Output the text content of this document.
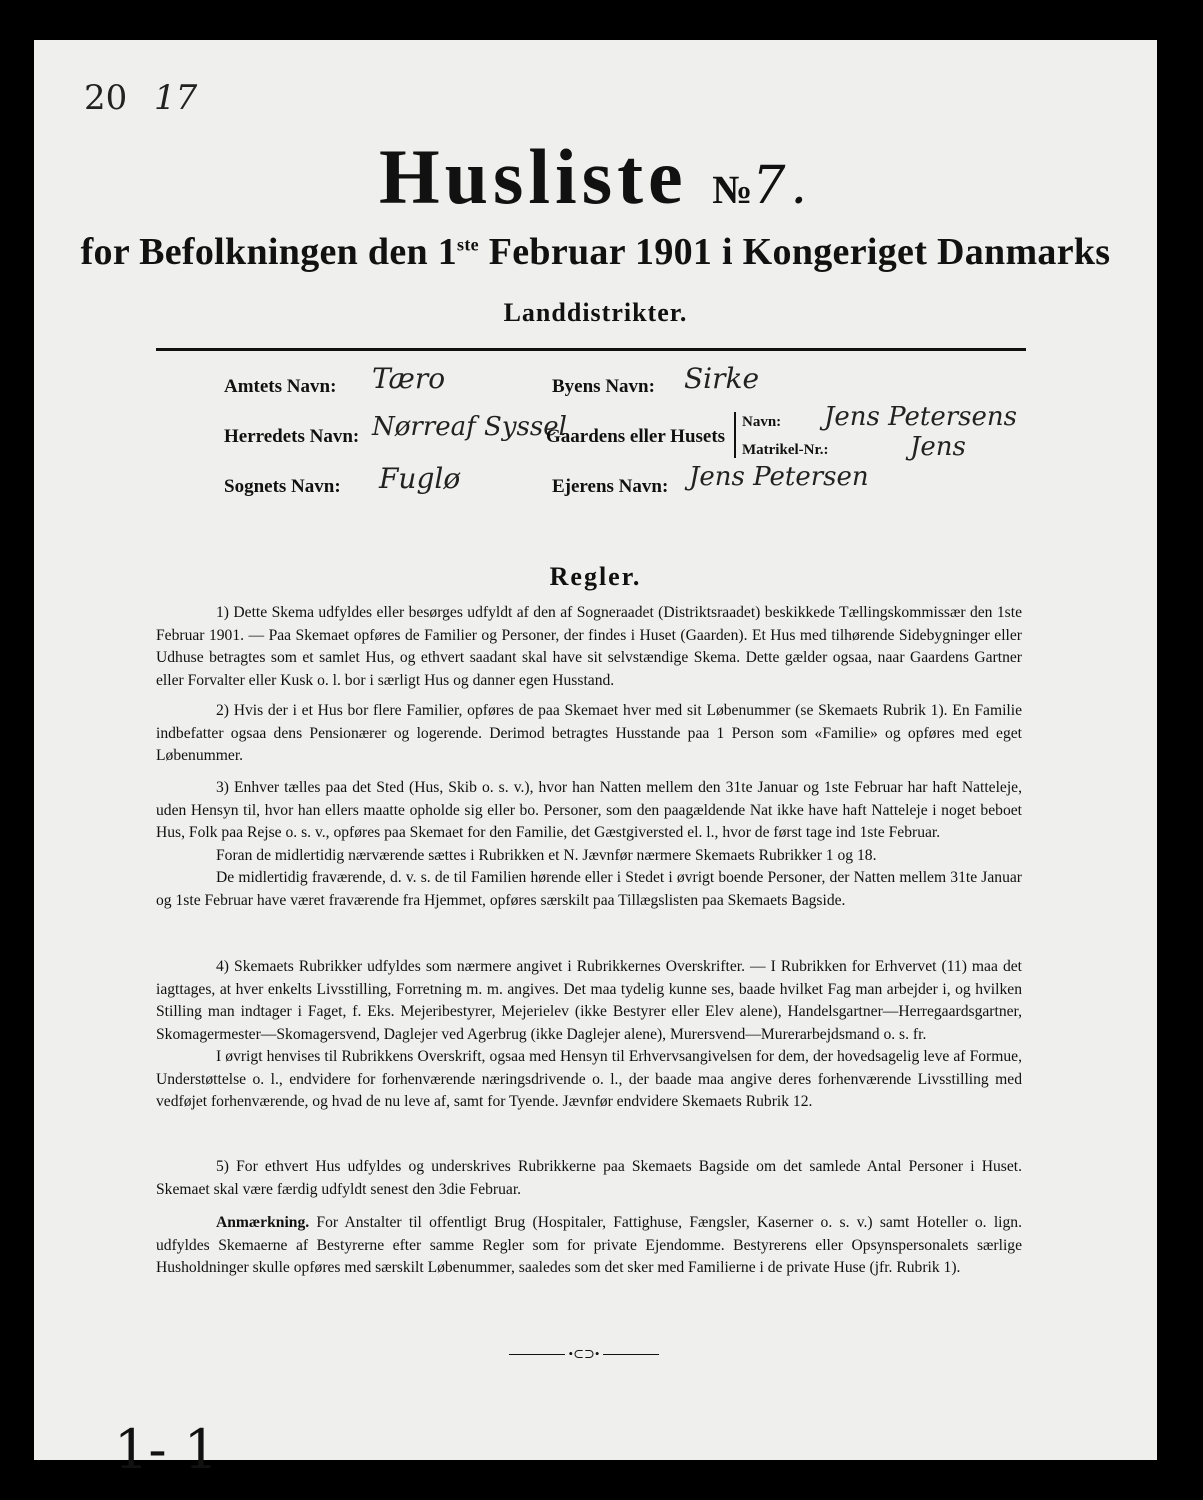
20 17
Husliste №7.
for Befolkningen den 1ste Februar 1901 i Kongeriget Danmarks
Landdistrikter.
Amtets Navn: Tæro	Byens Navn: Sirke
Herredets Navn: Nørreaf Syssel
Gaardens eller Husets
Navn: Jens Petersens
Matrikel-Nr.:	Jens
Sognets Navn: Fuglø	Ejerens Navn: Jens Petersen
Regler.

1) Dette Skema udfyldes eller besørges udfyldt af den af Sogneraadet (Distriktsraadet) beskikkede Tællingskommissær den 1ste Februar 1901. — Paa Skemaet opføres de Familier og Personer, der findes i Huset (Gaarden). Et Hus med tilhørende Sidebygninger eller Udhuse betragtes som et samlet Hus, og ethvert saadant skal have sit selvstændige Skema. Dette gælder ogsaa, naar Gaardens Gartner eller Forvalter eller Kusk o. l. bor i særligt Hus og danner egen Husstand.

2) Hvis der i et Hus bor flere Familier, opføres de paa Skemaet hver med sit Løbenummer (se Skemaets Rubrik 1). En Familie indbefatter ogsaa dens Pensionærer og logerende. Derimod betragtes Husstande paa 1 Person som «Familie» og opføres med eget Løbenummer.

3) Enhver tælles paa det Sted (Hus, Skib o. s. v.), hvor han Natten mellem den 31te Januar og 1ste Februar har haft Natteleje, uden Hensyn til, hvor han ellers maatte opholde sig eller bo. Personer, som den paagældende Nat ikke have haft Natteleje i noget beboet Hus, Folk paa Rejse o. s. v., opføres paa Skemaet for den Familie, det Gæstgiversted el. l., hvor de først tage ind 1ste Februar.

Foran de midlertidig nærværende sættes i Rubrikken et N. Jævnfør nærmere Skemaets Rubrikker 1 og 18.

De midlertidig fraværende, d. v. s. de til Familien hørende eller i Stedet i øvrigt boende Personer, der Natten mellem 31te Januar og 1ste Februar have været fraværende fra Hjemmet, opføres særskilt paa Tillægslisten paa Skemaets Bagside.

4) Skemaets Rubrikker udfyldes som nærmere angivet i Rubrikkernes Overskrifter. — I Rubrikken for Erhvervet (11) maa det iagttages, at hver enkelts Livsstilling, Forretning m. m. angives. Det maa tydelig kunne ses, baade hvilket Fag man arbejder i, og hvilken Stilling man indtager i Faget, f. Eks. Mejeribestyrer, Mejerielev (ikke Bestyrer eller Elev alene), Handelsgartner—Herregaardsgartner, Skomagermester—Skomagersvend, Daglejer ved Agerbrug (ikke Daglejer alene), Murersvend—Murerarbejdsmand o. s. fr.

I øvrigt henvises til Rubrikkens Overskrift, ogsaa med Hensyn til Erhvervsangivelsen for dem, der hovedsagelig leve af Formue, Understøttelse o. l., endvidere for forhenværende næringsdrivende o. l., der baade maa angive deres forhenværende Livsstilling med vedføjet forhenværende, og hvad de nu leve af, samt for Tyende. Jævnfør endvidere Skemaets Rubrik 12.

5) For ethvert Hus udfyldes og underskrives Rubrikkerne paa Skemaets Bagside om det samlede Antal Personer i Huset. Skemaet skal være færdig udfyldt senest den 3die Februar.

Anmærkning. For Anstalter til offentligt Brug (Hospitaler, Fattighuse, Fængsler, Kaserner o. s. v.) samt Hoteller o. lign. udfyldes Skemaerne af Bestyrerne efter samme Regler som for private Ejendomme. Bestyrerens eller Opsynspersonalets særlige Husholdninger skulle opføres med særskilt Løbenummer, saaledes som det sker med Familierne i de private Huse (jfr. Rubrik 1).

•⊂⊃•
1- 1
